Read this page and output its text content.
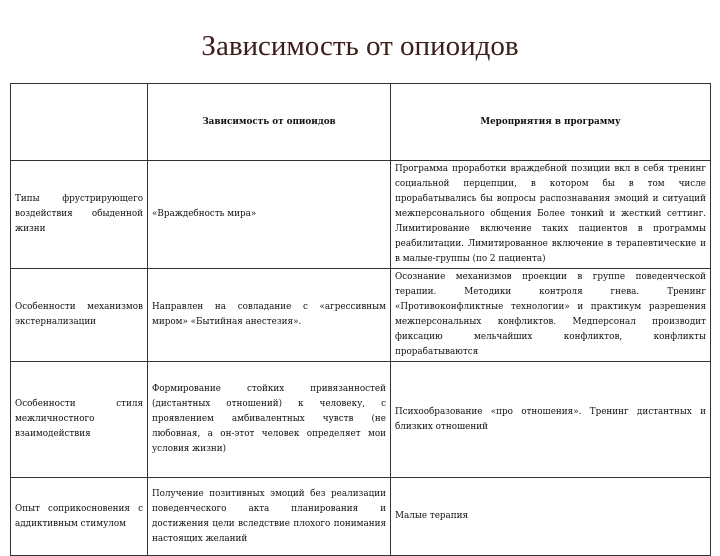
Зависимость от опиоидов
	Зависимость от опиоидов	Мероприятия в программу
Типы фрустрирующего воздействия обыденной жизни	«Враждебность мира»	Программа проработки враждебной позиции вкл в себя тренинг социальной перцепции, в котором бы в том числе прорабатывались бы вопросы распознавания эмоций и ситуаций межперсонального общения Более тонкий и жесткий сеттинг. Лимитирование включение таких пациентов в программы реабилитации. Лимитированное включение в терапевтические и в малые-группы (по 2 пациента)
Особенности механизмов экстернализации	Направлен на совладание с «агрессивным миром» «Бытийная анестезия».	Осознание механизмов проекции в группе поведенческой терапии. Методики контроля гнева. Тренинг «Противоконфликтные технологии» и практикум разрешения межперсональных конфликтов. Медперсонал производит фиксацию мельчайших конфликтов, конфликты прорабатываются
Особенности стиля межличностного взаимодействия	Формирование стойких привязанностей (дистантных отношений) к человеку, с проявлением амбивалентных чувств (не любовная, а он-этот человек определяет мои условия жизни)	Психообразование «про отношения». Тренинг дистантных и близких отношений
Опыт соприкосновения с аддиктивным стимулом	Получение позитивных эмоций без реализации поведенческого акта планирования и достижения цели вследствие плохого понимания настоящих желаний	Малые терапия
